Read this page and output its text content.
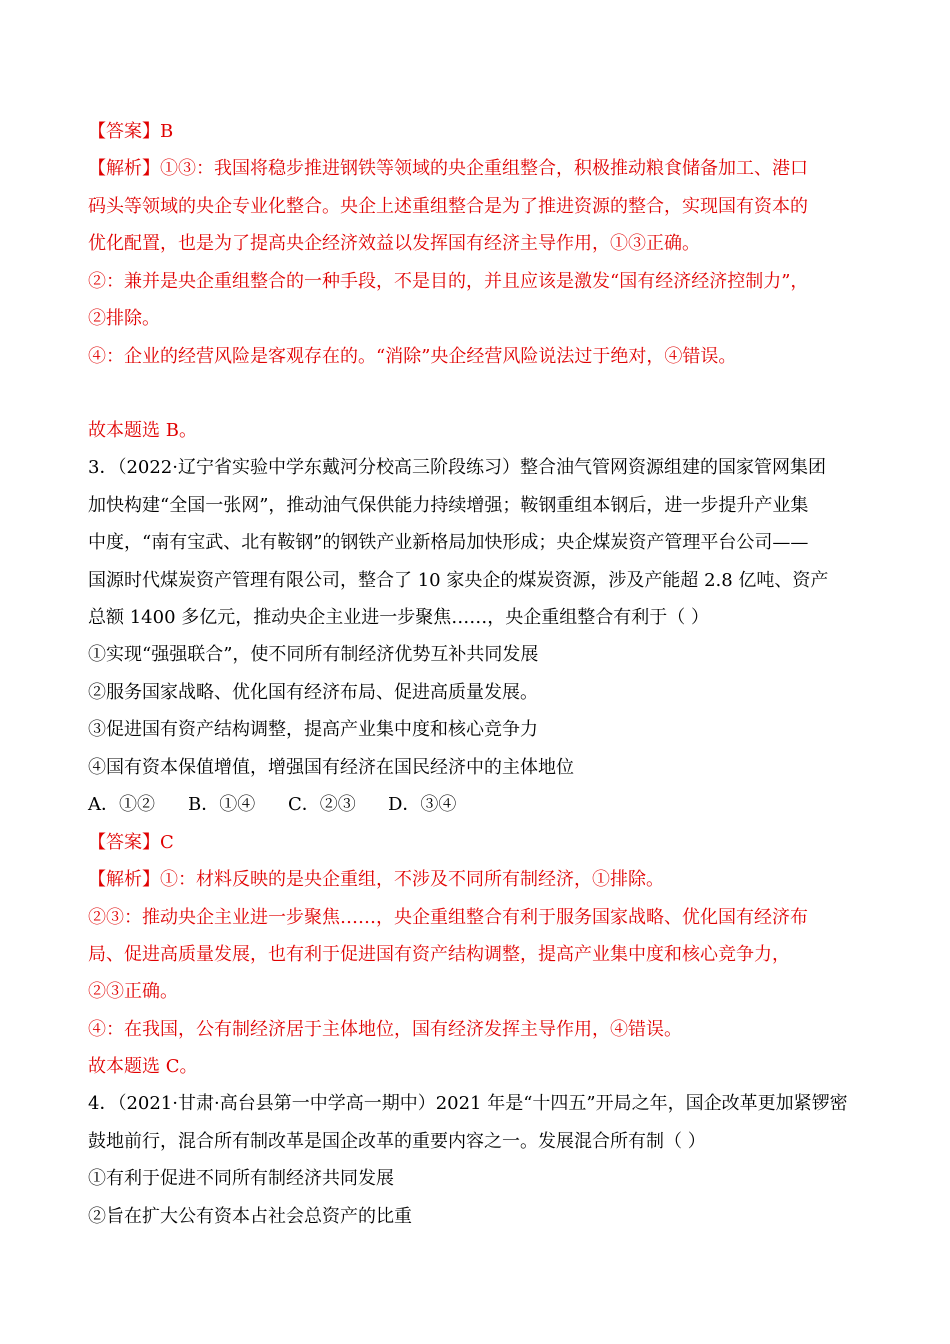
【答案】B
【解析】①③：我国将稳步推进钢铁等领域的央企重组整合，积极推动粮食储备加工、港口
码头等领域的央企专业化整合。央企上述重组整合是为了推进资源的整合，实现国有资本的
优化配置，也是为了提高央企经济效益以发挥国有经济主导作用，①③正确。
②：兼并是央企重组整合的一种手段，不是目的，并且应该是激发“国有经济经济控制力”，
②排除。
④：企业的经营风险是客观存在的。“消除”央企经营风险说法过于绝对，④错误。
故本题选 B。
3．（2022·辽宁省实验中学东戴河分校高三阶段练习）整合油气管网资源组建的国家管网集团
加快构建“全国一张网”，推动油气保供能力持续增强；鞍钢重组本钢后，进一步提升产业集
中度，“南有宝武、北有鞍钢”的钢铁产业新格局加快形成；央企煤炭资产管理平台公司——
国源时代煤炭资产管理有限公司，整合了 10 家央企的煤炭资源，涉及产能超 2.8 亿吨、资产
总额 1400 多亿元，推动央企主业进一步聚焦……，央企重组整合有利于（ ）
①实现“强强联合”，使不同所有制经济优势互补共同发展
②服务国家战略、优化国有经济布局、促进高质量发展。
③促进国有资产结构调整，提高产业集中度和核心竞争力
④国有资本保值增值，增强国有经济在国民经济中的主体地位
A．①② B．①④ C．②③ D．③④
【答案】C
【解析】①：材料反映的是央企重组，不涉及不同所有制经济，①排除。
②③：推动央企主业进一步聚焦……，央企重组整合有利于服务国家战略、优化国有经济布
局、促进高质量发展，也有利于促进国有资产结构调整，提高产业集中度和核心竞争力，
②③正确。
④：在我国，公有制经济居于主体地位，国有经济发挥主导作用，④错误。
故本题选 C。
4．（2021·甘肃·高台县第一中学高一期中）2021 年是“十四五”开局之年，国企改革更加紧锣密
鼓地前行，混合所有制改革是国企改革的重要内容之一。发展混合所有制（ ）
①有利于促进不同所有制经济共同发展
②旨在扩大公有资本占社会总资产的比重
